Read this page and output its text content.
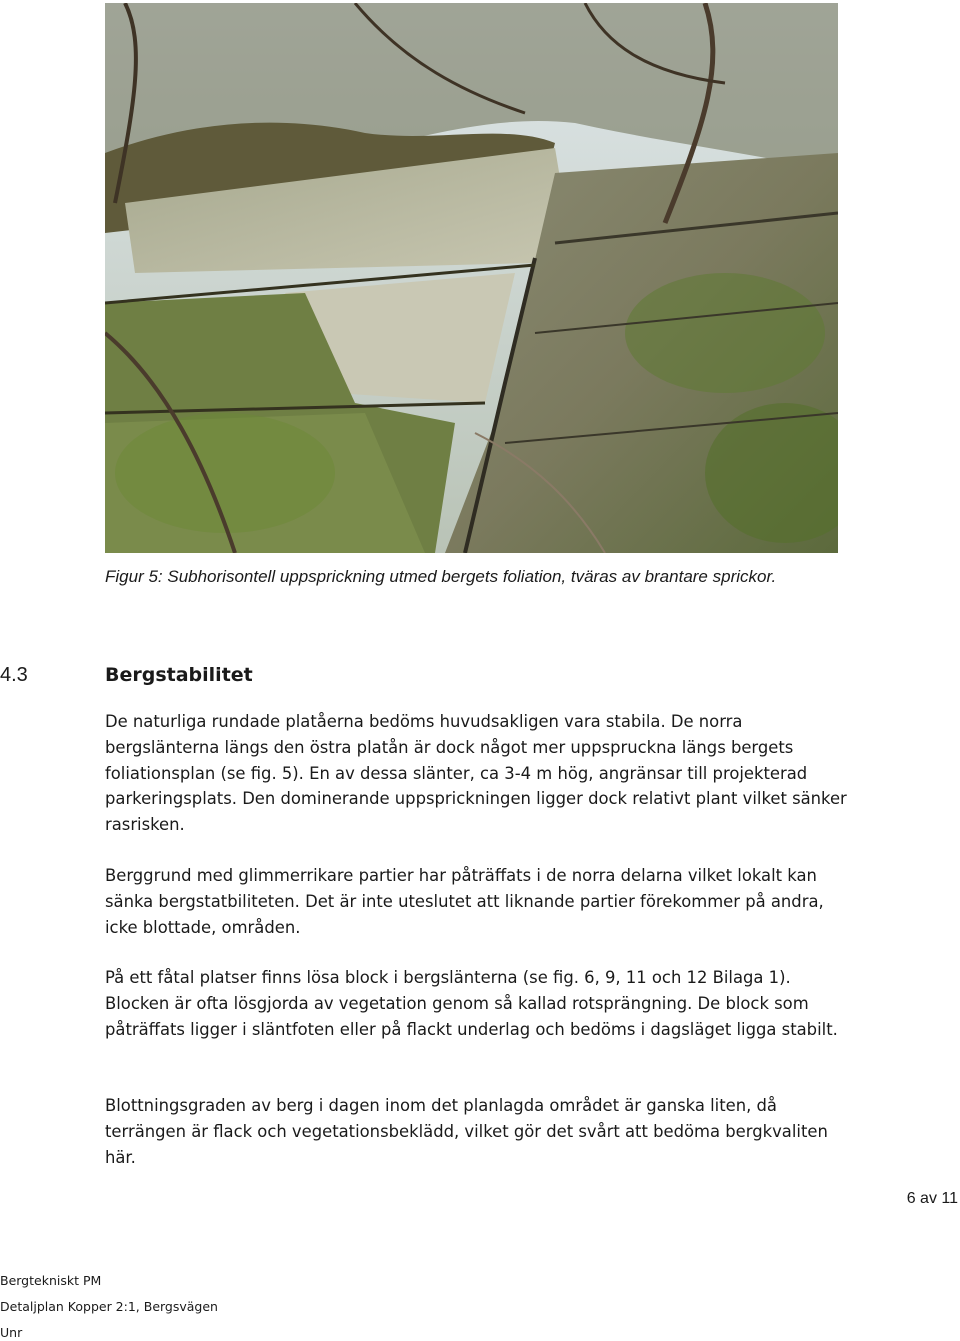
Figur 5: Subhorisontell uppsprickning utmed bergets foliation, tväras av brantare sprickor.

4.3	Bergstabilitet

De naturliga rundade platåerna bedöms huvudsakligen vara stabila. De norra bergslänterna längs den östra platån är dock något mer uppspruckna längs bergets foliationsplan (se fig. 5). En av dessa slänter, ca 3-4 m hög, angränsar till projekterad parkeringsplats. Den dominerande uppsprickningen ligger dock relativt plant vilket sänker rasrisken.

Berggrund med glimmerrikare partier har påträffats i de norra delarna vilket lokalt kan sänka bergstatbiliteten. Det är inte uteslutet att liknande partier förekommer på andra, icke blottade, områden.

På ett fåtal platser finns lösa block i bergslänterna (se fig. 6, 9, 11 och 12 Bilaga 1). Blocken är ofta lösgjorda av vegetation genom så kallad rotsprängning. De block som påträffats ligger i släntfoten eller på flackt underlag och bedöms i dagsläget ligga stabilt.

Blottningsgraden av berg i dagen inom det planlagda området är ganska liten, då terrängen är flack och vegetationsbeklädd, vilket gör det svårt att bedöma bergkvaliten här.

6 av 11

Bergtekniskt PM

Detaljplan Kopper 2:1, Bergsvägen

Unr
